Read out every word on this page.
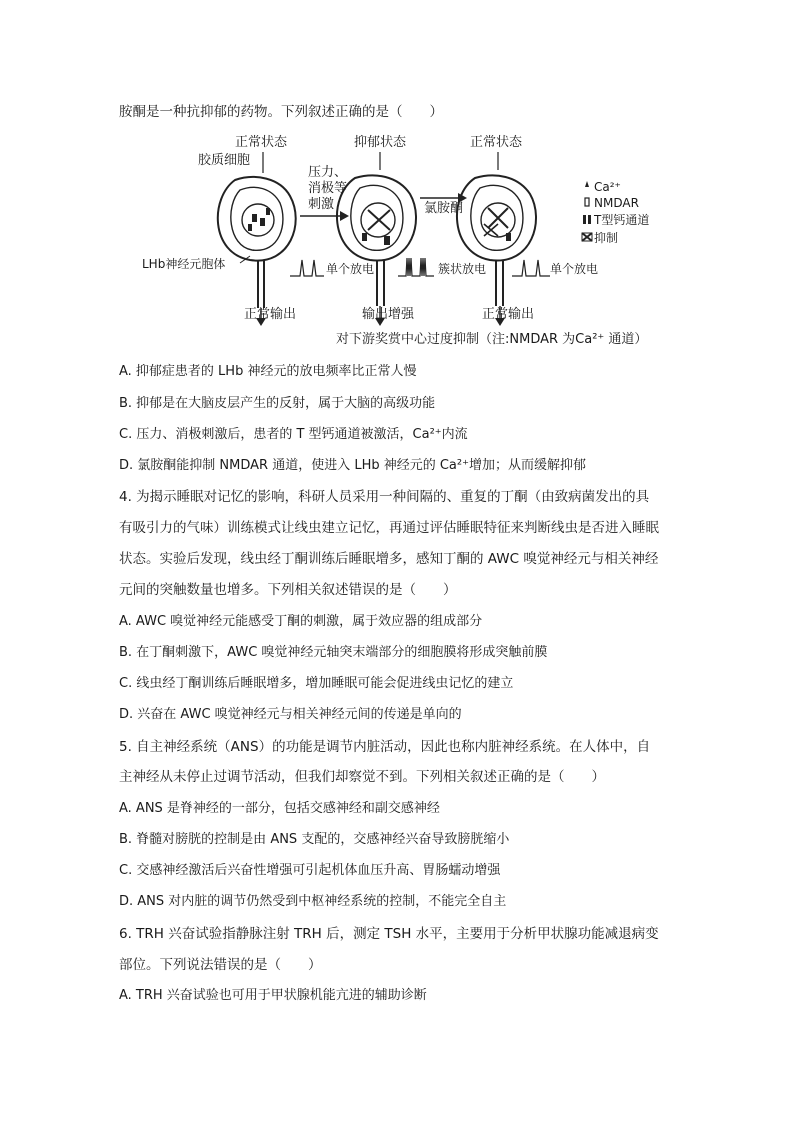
胺酮是一种抗抑郁的药物。下列叙述正确的是（　　）
正常状态	抑郁状态	正常状态
胶质细胞
压力、
消极等
刺激	氯胺酮
LHb神经元胞体	单个放电	簇状放电	单个放电
正常输出	输出增强	正常输出
对下游奖赏中心过度抑制（注:NMDAR 为Ca²⁺ 通道）
Ca²⁺
NMDAR
T型钙通道
抑制
A. 抑郁症患者的 LHb 神经元的放电频率比正常人慢
B. 抑郁是在大脑皮层产生的反射，属于大脑的高级功能
C. 压力、消极刺激后，患者的 T 型钙通道被激活，Ca²⁺内流
D. 氯胺酮能抑制 NMDAR 通道，使进入 LHb 神经元的 Ca²⁺增加；从而缓解抑郁
4. 为揭示睡眠对记忆的影响，科研人员采用一种间隔的、重复的丁酮（由致病菌发出的具
有吸引力的气味）训练模式让线虫建立记忆，再通过评估睡眠特征来判断线虫是否进入睡眠
状态。实验后发现，线虫经丁酮训练后睡眠增多，感知丁酮的 AWC 嗅觉神经元与相关神经
元间的突触数量也增多。下列相关叙述错误的是（　　）
A. AWC 嗅觉神经元能感受丁酮的刺激，属于效应器的组成部分
B. 在丁酮刺激下，AWC 嗅觉神经元轴突末端部分的细胞膜将形成突触前膜
C. 线虫经丁酮训练后睡眠增多，增加睡眠可能会促进线虫记忆的建立
D. 兴奋在 AWC 嗅觉神经元与相关神经元间的传递是单向的
5. 自主神经系统（ANS）的功能是调节内脏活动，因此也称内脏神经系统。在人体中，自
主神经从未停止过调节活动，但我们却察觉不到。下列相关叙述正确的是（　　）
A. ANS 是脊神经的一部分，包括交感神经和副交感神经
B. 脊髓对膀胱的控制是由 ANS 支配的，交感神经兴奋导致膀胱缩小
C. 交感神经激活后兴奋性增强可引起机体血压升高、胃肠蠕动增强
D. ANS 对内脏的调节仍然受到中枢神经系统的控制，不能完全自主
6. TRH 兴奋试验指静脉注射 TRH 后，测定 TSH 水平，主要用于分析甲状腺功能减退病变
部位。下列说法错误的是（　　）
A. TRH 兴奋试验也可用于甲状腺机能亢进的辅助诊断
